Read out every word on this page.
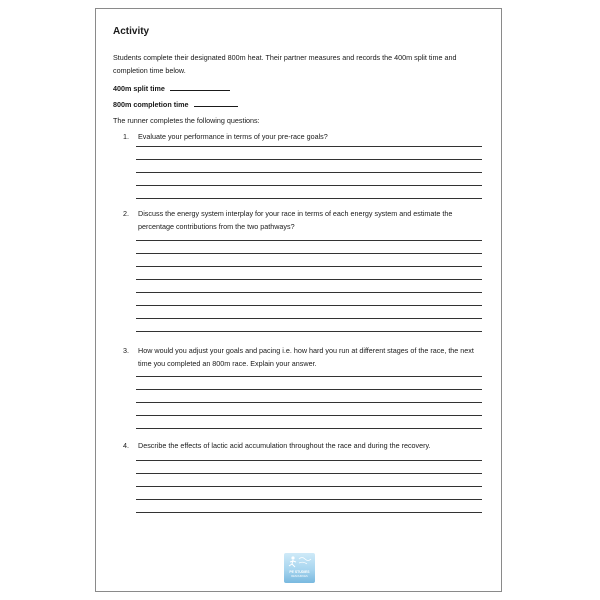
Activity

Students complete their designated 800m heat. Their partner measures and records the 400m split time and completion time below.

400m split time
800m completion time

The runner completes the following questions:

1. Evaluate your performance in terms of your pre-race goals?

2. Discuss the energy system interplay for your race in terms of each energy system and estimate the percentage contributions from the two pathways?

3. How would you adjust your goals and pacing i.e. how hard you run at different stages of the race, the next time you completed an 800m race. Explain your answer.

4. Describe the effects of lactic acid accumulation throughout the race and during the recovery.

PE STUDIES
RESOURCES
